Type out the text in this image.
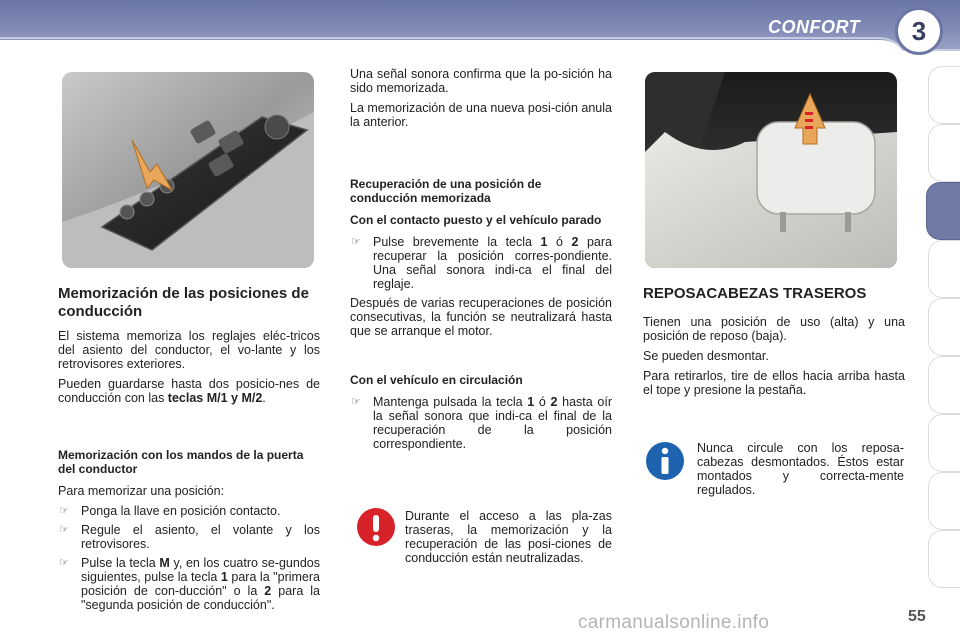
CONFORT	3
Memorización de las posiciones de conducción

El sistema memoriza los reglajes eléc-tricos del asiento del conductor, el vo-lante y los retrovisores exteriores.

Pueden guardarse hasta dos posicio-nes de conducción con las teclas M/1 y M/2.

Memorización con los mandos de la puerta del conductor

Para memorizar una posición:

☞ Ponga la llave en posición contacto.
☞ Regule el asiento, el volante y los retrovisores.
☞ Pulse la tecla M y, en los cuatro se-gundos siguientes, pulse la tecla 1 para la "primera posición de con-ducción" o la 2 para la "segunda posición de conducción".

Una señal sonora confirma que la po-sición ha sido memorizada.

La memorización de una nueva posi-ción anula la anterior.

Recuperación de una posición de conducción memorizada
Con el contacto puesto y el vehículo parado
☞ Pulse brevemente la tecla 1 ó 2 para recuperar la posición corres-pondiente. Una señal sonora indi-ca el final del reglaje.

Después de varias recuperaciones de posición consecutivas, la función se neutralizará hasta que se arranque el motor.

Con el vehículo en circulación
☞ Mantenga pulsada la tecla 1 ó 2 hasta oír la señal sonora que indi-ca el final de la recuperación de la posición correspondiente.

Durante el acceso a las pla-zas traseras, la memorización y la recuperación de las posi-ciones de conducción están neutralizadas.

REPOSACABEZAS TRASEROS

Tienen una posición de uso (alta) y una posición de reposo (baja).

Se pueden desmontar.

Para retirarlos, tire de ellos hacia arriba hasta el tope y presione la pestaña.

Nunca circule con los reposa-cabezas desmontados. Éstos estar montados y correcta-mente regulados.

carmanualsonline.info	55
